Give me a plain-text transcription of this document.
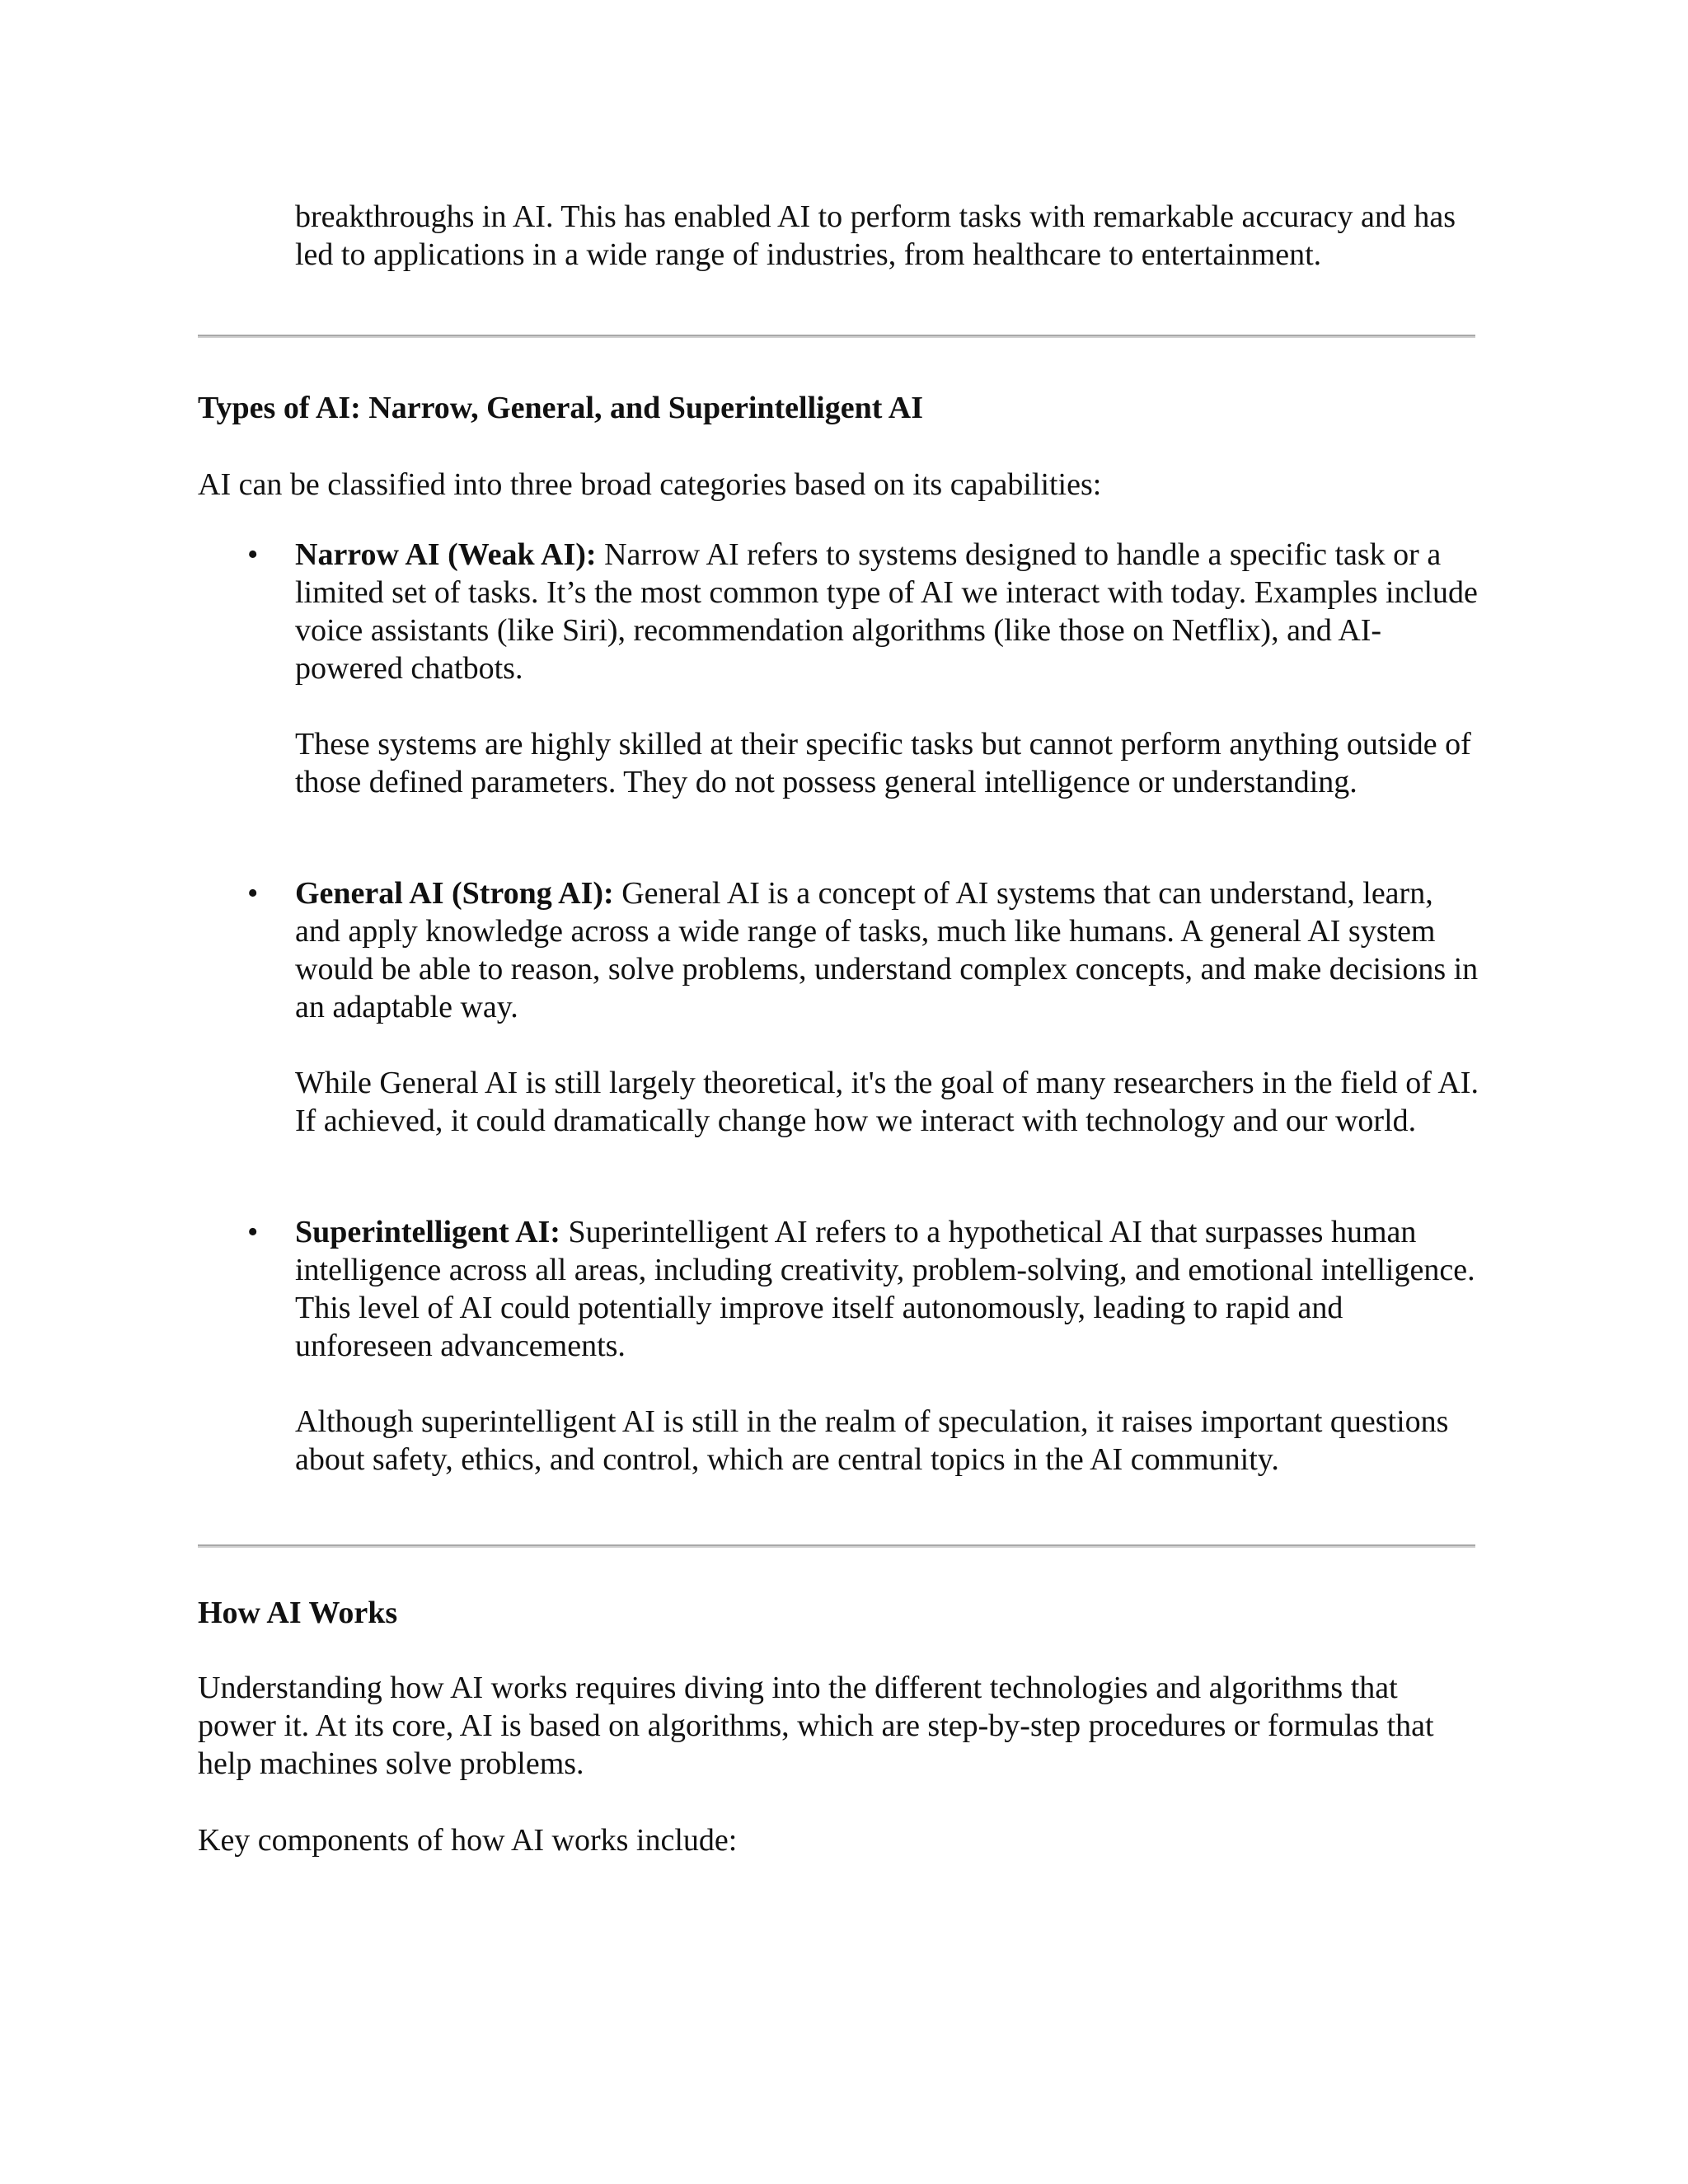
breakthroughs in AI. This has enabled AI to perform tasks with remarkable accuracy and has led to applications in a wide range of industries, from healthcare to entertainment.

Types of AI: Narrow, General, and Superintelligent AI

AI can be classified into three broad categories based on its capabilities:

• Narrow AI (Weak AI): Narrow AI refers to systems designed to handle a specific task or a limited set of tasks. It’s the most common type of AI we interact with today. Examples include voice assistants (like Siri), recommendation algorithms (like those on Netflix), and AI-powered chatbots.

These systems are highly skilled at their specific tasks but cannot perform anything outside of those defined parameters. They do not possess general intelligence or understanding.

• General AI (Strong AI): General AI is a concept of AI systems that can understand, learn, and apply knowledge across a wide range of tasks, much like humans. A general AI system would be able to reason, solve problems, understand complex concepts, and make decisions in an adaptable way.

While General AI is still largely theoretical, it's the goal of many researchers in the field of AI. If achieved, it could dramatically change how we interact with technology and our world.

• Superintelligent AI: Superintelligent AI refers to a hypothetical AI that surpasses human intelligence across all areas, including creativity, problem-solving, and emotional intelligence. This level of AI could potentially improve itself autonomously, leading to rapid and unforeseen advancements.

Although superintelligent AI is still in the realm of speculation, it raises important questions about safety, ethics, and control, which are central topics in the AI community.

How AI Works

Understanding how AI works requires diving into the different technologies and algorithms that power it. At its core, AI is based on algorithms, which are step-by-step procedures or formulas that help machines solve problems.

Key components of how AI works include:
